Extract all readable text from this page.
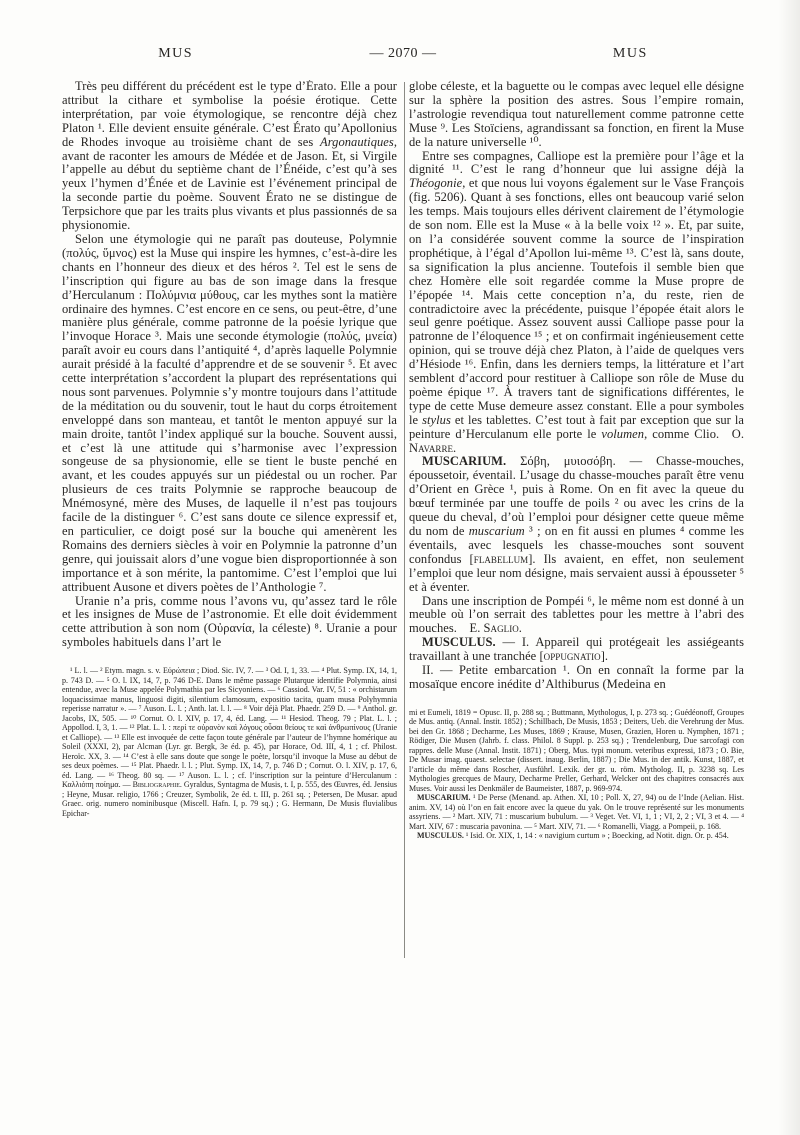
MUS	— 2070 —	MUS

Très peu différent du précédent est le type d’Érato. Elle a pour attribut la cithare et symbolise la poésie érotique. Cette interprétation, par voie étymologique, se rencontre déjà chez Platon ¹. Elle devient ensuite générale. C’est Érato qu’Apollonius de Rhodes invoque au troisième chant de ses Argonautiques, avant de raconter les amours de Médée et de Jason. Et, si Virgile l’appelle au début du septième chant de l’Énéide, c’est qu’à ses yeux l’hymen d’Énée et de Lavinie est l’événement principal de la seconde partie du poème. Souvent Érato ne se distingue de Terpsichore que par les traits plus vivants et plus passionnés de sa physionomie.

Selon une étymologie qui ne paraît pas douteuse, Polymnie (πολύς, ὕμνος) est la Muse qui inspire les hymnes, c’est-à-dire les chants en l’honneur des dieux et des héros ². Tel est le sens de l’inscription qui figure au bas de son image dans la fresque d’Herculanum : Πολύμνια μύθους, car les mythes sont la matière ordinaire des hymnes. C’est encore en ce sens, ou peut-être, d’une manière plus générale, comme patronne de la poésie lyrique que l’invoque Horace ³. Mais une seconde étymologie (πολύς, μνεία) paraît avoir eu cours dans l’antiquité ⁴, d’après laquelle Polymnie aurait présidé à la faculté d’apprendre et de se souvenir ⁵. Et avec cette interprétation s’accordent la plupart des représentations qui nous sont parvenues. Polymnie s’y montre toujours dans l’attitude de la méditation ou du souvenir, tout le haut du corps étroitement enveloppé dans son manteau, et tantôt le menton appuyé sur la main droite, tantôt l’index appliqué sur la bouche. Souvent aussi, et c’est là une attitude qui s’harmonise avec l’expression songeuse de sa physionomie, elle se tient le buste penché en avant, et les coudes appuyés sur un piédestal ou un rocher. Par plusieurs de ces traits Polymnie se rapproche beaucoup de Mnémosyné, mère des Muses, de laquelle il n’est pas toujours facile de la distinguer ⁶. C’est sans doute ce silence expressif et, en particulier, ce doigt posé sur la bouche qui amenèrent les Romains des derniers siècles à voir en Polymnie la patronne d’un genre, qui jouissait alors d’une vogue bien disproportionnée à son importance et à son mérite, la pantomime. C’est l’emploi que lui attribuent Ausone et divers poètes de l’Anthologie ⁷.

Uranie n’a pris, comme nous l’avons vu, qu’assez tard le rôle et les insignes de Muse de l’astronomie. Et elle doit évidemment cette attribution à son nom (Οὐρανία, la céleste) ⁸. Uranie a pour symboles habituels dans l’art le

¹ L. l. — ² Etym. magn. s. v. Εὐρώπεια ; Diod. Sic. IV, 7. — ³ Od. I, 1, 33. — ⁴ Plut. Symp. IX, 14, 1, p. 743 D. — ⁵ O. l. IX, 14, 7, p. 746 D-E. Dans le même passage Plutarque identifie Polymnia, ainsi entendue, avec la Muse appelée Polymathia par les Sicyoniens. — ⁶ Cassiod. Var. IV, 51 : « orchistarum loquacissimae manus, linguosi digiti, silentium clamosum, expositio tacita, quam musa Polyhymnia reperisse narratur ». — ⁷ Auson. L. l. ; Anth. lat. l. l. — ⁸ Voir déjà Plat. Phaedr. 259 D. — ⁹ Anthol. gr. Jacobs, IX, 505. — ¹⁰ Cornut. O. l. XIV, p. 17, 4, éd. Lang. — ¹¹ Hesiod. Theog. 79 ; Plat. L. l. ; Appollod. I, 3, 1. — ¹² Plat. L. l. : περί τε οὐρανὸν καὶ λόγους οὖσαι θείους τε καὶ ἀνθρωπίνους (Uranie et Calliope). — ¹³ Elle est invoquée de cette façon toute générale par l’auteur de l’hymne homérique au Soleil (XXXI, 2), par Alcman (Lyr. gr. Bergk, 3e éd. p. 45), par Horace, Od. III, 4, 1 ; cf. Philost. Heroïc. XX, 3. — ¹⁴ C’est à elle sans doute que songe le poète, lorsqu’il invoque la Muse au début de ses deux poèmes. — ¹⁵ Plat. Phaedr. l. l. ; Plut. Symp. IX, 14, 7, p. 746 D ; Cornut. O. l. XIV, p. 17, 6, éd. Lang. — ¹⁶ Theog. 80 sq. — ¹⁷ Auson. L. l. ; cf. l’inscription sur la peinture d’Herculanum : Καλλιόπη ποίημα. — Bibliographie. Gyraldus, Syntagma de Musis, t. I, p. 555, des Œuvres, éd. Jensius ; Heyne, Musar. religio, 1766 ; Creuzer, Symbolik, 2e éd. t. III, p. 261 sq. ; Petersen, De Musar. apud Graec. orig. numero nominibusque (Miscell. Hafn. I, p. 79 sq.) ; G. Hermann, De Musis fluvialibus Epichar-

globe céleste, et la baguette ou le compas avec lequel elle désigne sur la sphère la position des astres. Sous l’empire romain, l’astrologie revendiqua tout naturellement comme patronne cette Muse ⁹. Les Stoïciens, agrandissant sa fonction, en firent la Muse de la nature universelle ¹⁰.

Entre ses compagnes, Calliope est la première pour l’âge et la dignité ¹¹. C’est le rang d’honneur que lui assigne déjà la Théogonie, et que nous lui voyons également sur le Vase François (fig. 5206). Quant à ses fonctions, elles ont beaucoup varié selon les temps. Mais toujours elles dérivent clairement de l’étymologie de son nom. Elle est la Muse « à la belle voix ¹² ». Et, par suite, on l’a considérée souvent comme la source de l’inspiration prophétique, à l’égal d’Apollon lui-même ¹³. C’est là, sans doute, sa signification la plus ancienne. Toutefois il semble bien que chez Homère elle soit regardée comme la Muse propre de l’épopée ¹⁴. Mais cette conception n’a, du reste, rien de contradictoire avec la précédente, puisque l’épopée était alors le seul genre poétique. Assez souvent aussi Calliope passe pour la patronne de l’éloquence ¹⁵ ; et on confirmait ingénieusement cette opinion, qui se trouve déjà chez Platon, à l’aide de quelques vers d’Hésiode ¹⁶. Enfin, dans les derniers temps, la littérature et l’art semblent d’accord pour restituer à Calliope son rôle de Muse du poème épique ¹⁷. À travers tant de significations différentes, le type de cette Muse demeure assez constant. Elle a pour symboles le stylus et les tablettes. C’est tout à fait par exception que sur la peinture d’Herculanum elle porte le volumen, comme Clio. O. Navarre.

MUSCARIUM. Σόβη, μυιοσόβη. — Chasse-mouches, époussetoir, éventail. L’usage du chasse-mouches paraît être venu d’Orient en Grèce ¹, puis à Rome. On en fit avec la queue du bœuf terminée par une touffe de poils ² ou avec les crins de la queue du cheval, d’où l’emploi pour désigner cette queue même du nom de muscarium ³ ; on en fit aussi en plumes ⁴ comme les éventails, avec lesquels les chasse-mouches sont souvent confondus [flabellum]. Ils avaient, en effet, non seulement l’emploi que leur nom désigne, mais servaient aussi à épousseter ⁵ et à éventer.

Dans une inscription de Pompéi ⁶, le même nom est donné à un meuble où l’on serrait des tablettes pour les mettre à l’abri des mouches. E. Saglio.

MUSCULUS. — I. Appareil qui protégeait les assiégeants travaillant à une tranchée [oppugnatio].

II. — Petite embarcation ¹. On en connaît la forme par la mosaïque encore inédite d’Althiburus (Medeina en

mi et Eumeli, 1819 = Opusc. II, p. 288 sq. ; Buttmann, Mythologus, I, p. 273 sq. ; Guédéonoff, Groupes de Mus. antiq. (Annal. Instit. 1852) ; Schillbach, De Musis, 1853 ; Deiters, Ueb. die Verehrung der Mus. bei den Gr. 1868 ; Decharme, Les Muses, 1869 ; Krause, Musen, Grazien, Horen u. Nymphen, 1871 ; Rödiger, Die Musen (Jahrb. f. class. Philol. 8 Suppl. p. 253 sq.) ; Trendelenburg, Due sarcofagi con rappres. delle Muse (Annal. Instit. 1871) ; Oberg, Mus. typi monum. veteribus expressi, 1873 ; O. Bie, De Musar imag. quaest. selectae (dissert. inaug. Berlin, 1887) ; Die Mus. in der antik. Kunst, 1887, et l’article du même dans Roscher, Ausführl. Lexik. der gr. u. röm. Mytholog. II, p. 3238 sq. Les Mythologies grecques de Maury, Decharme Preller, Gerhard, Welcker ont des chapitres consacrés aux Muses. Voir aussi les Denkmäler de Baumeister, 1887, p. 969-974.

MUSCARIUM. ¹ De Perse (Menand. ap. Athen. XI, 10 ; Poll. X, 27, 94) ou de l’Inde (Aelian. Hist. anim. XV, 14) où l’on en fait encore avec la queue du yak. On le trouve représenté sur les monuments assyriens. — ² Mart. XIV, 71 : muscarium bubulum. — ³ Veget. Vet. VI, 1, 1 ; VI, 2, 2 ; VI, 3 et 4. — ⁴ Mart. XIV, 67 : muscaria pavonina. — ⁵ Mart. XIV, 71. — ⁶ Romanelli, Viagg. a Pompeii, p. 168.

MUSCULUS. ¹ Isid. Or. XIX, 1, 14 : « navigium curtum » ; Boecking, ad Notit. dign. Or. p. 454.
